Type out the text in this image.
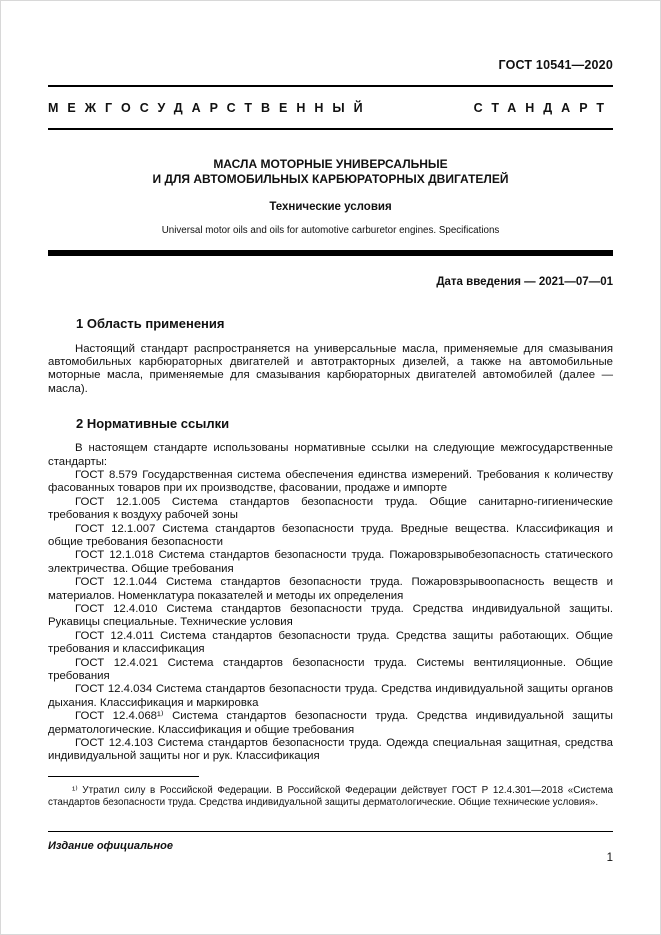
ГОСТ 10541—2020
МЕЖГОСУДАРСТВЕННЫЙ	СТАНДАРТ
МАСЛА МОТОРНЫЕ УНИВЕРСАЛЬНЫЕ
И ДЛЯ АВТОМОБИЛЬНЫХ КАРБЮРАТОРНЫХ ДВИГАТЕЛЕЙ
Технические условия
Universal motor oils and oils for automotive carburetor engines. Specifications
Дата введения — 2021—07—01
1 Область применения

Настоящий стандарт распространяется на универсальные масла, применяемые для смазывания автомобильных карбюраторных двигателей и автотракторных дизелей, а также на автомобильные моторные масла, применяемые для смазывания карбюраторных двигателей автомобилей (далее — масла).

2 Нормативные ссылки

В настоящем стандарте использованы нормативные ссылки на следующие межгосударственные стандарты:

ГОСТ 8.579 Государственная система обеспечения единства измерений. Требования к количеству фасованных товаров при их производстве, фасовании, продаже и импорте

ГОСТ 12.1.005 Система стандартов безопасности труда. Общие санитарно-гигиенические требования к воздуху рабочей зоны

ГОСТ 12.1.007 Система стандартов безопасности труда. Вредные вещества. Классификация и общие требования безопасности

ГОСТ 12.1.018 Система стандартов безопасности труда. Пожаровзрывобезопасность статического электричества. Общие требования

ГОСТ 12.1.044 Система стандартов безопасности труда. Пожаровзрывоопасность веществ и материалов. Номенклатура показателей и методы их определения

ГОСТ 12.4.010 Система стандартов безопасности труда. Средства индивидуальной защиты. Рукавицы специальные. Технические условия

ГОСТ 12.4.011 Система стандартов безопасности труда. Средства защиты работающих. Общие требования и классификация

ГОСТ 12.4.021 Система стандартов безопасности труда. Системы вентиляционные. Общие требования

ГОСТ 12.4.034 Система стандартов безопасности труда. Средства индивидуальной защиты органов дыхания. Классификация и маркировка

ГОСТ 12.4.068¹⁾ Система стандартов безопасности труда. Средства индивидуальной защиты дерматологические. Классификация и общие требования

ГОСТ 12.4.103 Система стандартов безопасности труда. Одежда специальная защитная, средства индивидуальной защиты ног и рук. Классификация

¹⁾ Утратил силу в Российской Федерации. В Российской Федерации действует ГОСТ Р 12.4.301—2018 «Система стандартов безопасности труда. Средства индивидуальной защиты дерматологические. Общие технические условия».

Издание официальное
1
